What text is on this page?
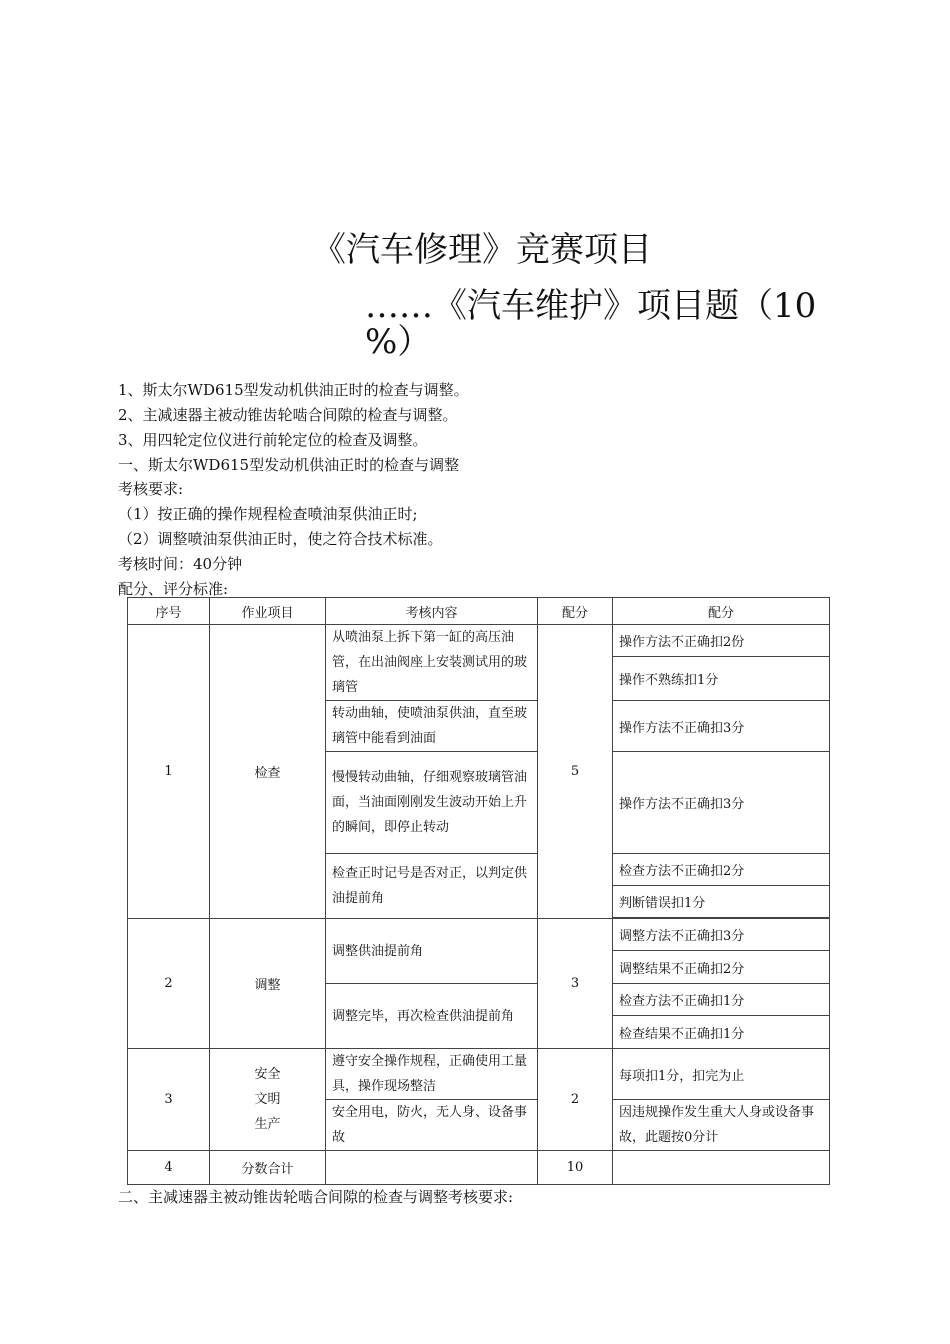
《汽车修理》竞赛项目
……《汽车维护》项目题（10
%）
1、斯太尔WD615型发动机供油正时的检查与调整。
2、主减速器主被动锥齿轮啮合间隙的检查与调整。
3、用四轮定位仪进行前轮定位的检查及调整。
一、斯太尔WD615型发动机供油正时的检查与调整
考核要求:
（1）按正确的操作规程检查喷油泵供油正时;
（2）调整喷油泵供油正时，使之符合技术标准。
考核时间：40分钟
配分、评分标准:
序号	作业项目	考核内容	配分	配分
1	检查	从喷油泵上拆下第一缸的高压油管，在出油阀座上安装测试用的玻璃管	5	操作方法不正确扣2份
				操作不熟练扣1分
		转动曲轴，使喷油泵供油，直至玻璃管中能看到油面		操作方法不正确扣3分
		慢慢转动曲轴，仔细观察玻璃管油面，当油面刚刚发生波动开始上升的瞬间，即停止转动		操作方法不正确扣3分
		检查正时记号是否对正，以判定供油提前角		检查方法不正确扣2分
				判断错误扣1分

2	调整	调整供油提前角	3	调整方法不正确扣3分
				调整结果不正确扣2分
		调整完毕，再次检查供油提前角		检查方法不正确扣1分
				检查结果不正确扣1分
3	安全
文明
生产	遵守安全操作规程，正确使用工量具，操作现场整洁	2	每项扣1分，扣完为止
		安全用电，防火，无人身、设备事故		因违规操作发生重大人身或设备事故，此题按0分计
4	分数合计		10	
二、主减速器主被动锥齿轮啮合间隙的检查与调整考核要求:
